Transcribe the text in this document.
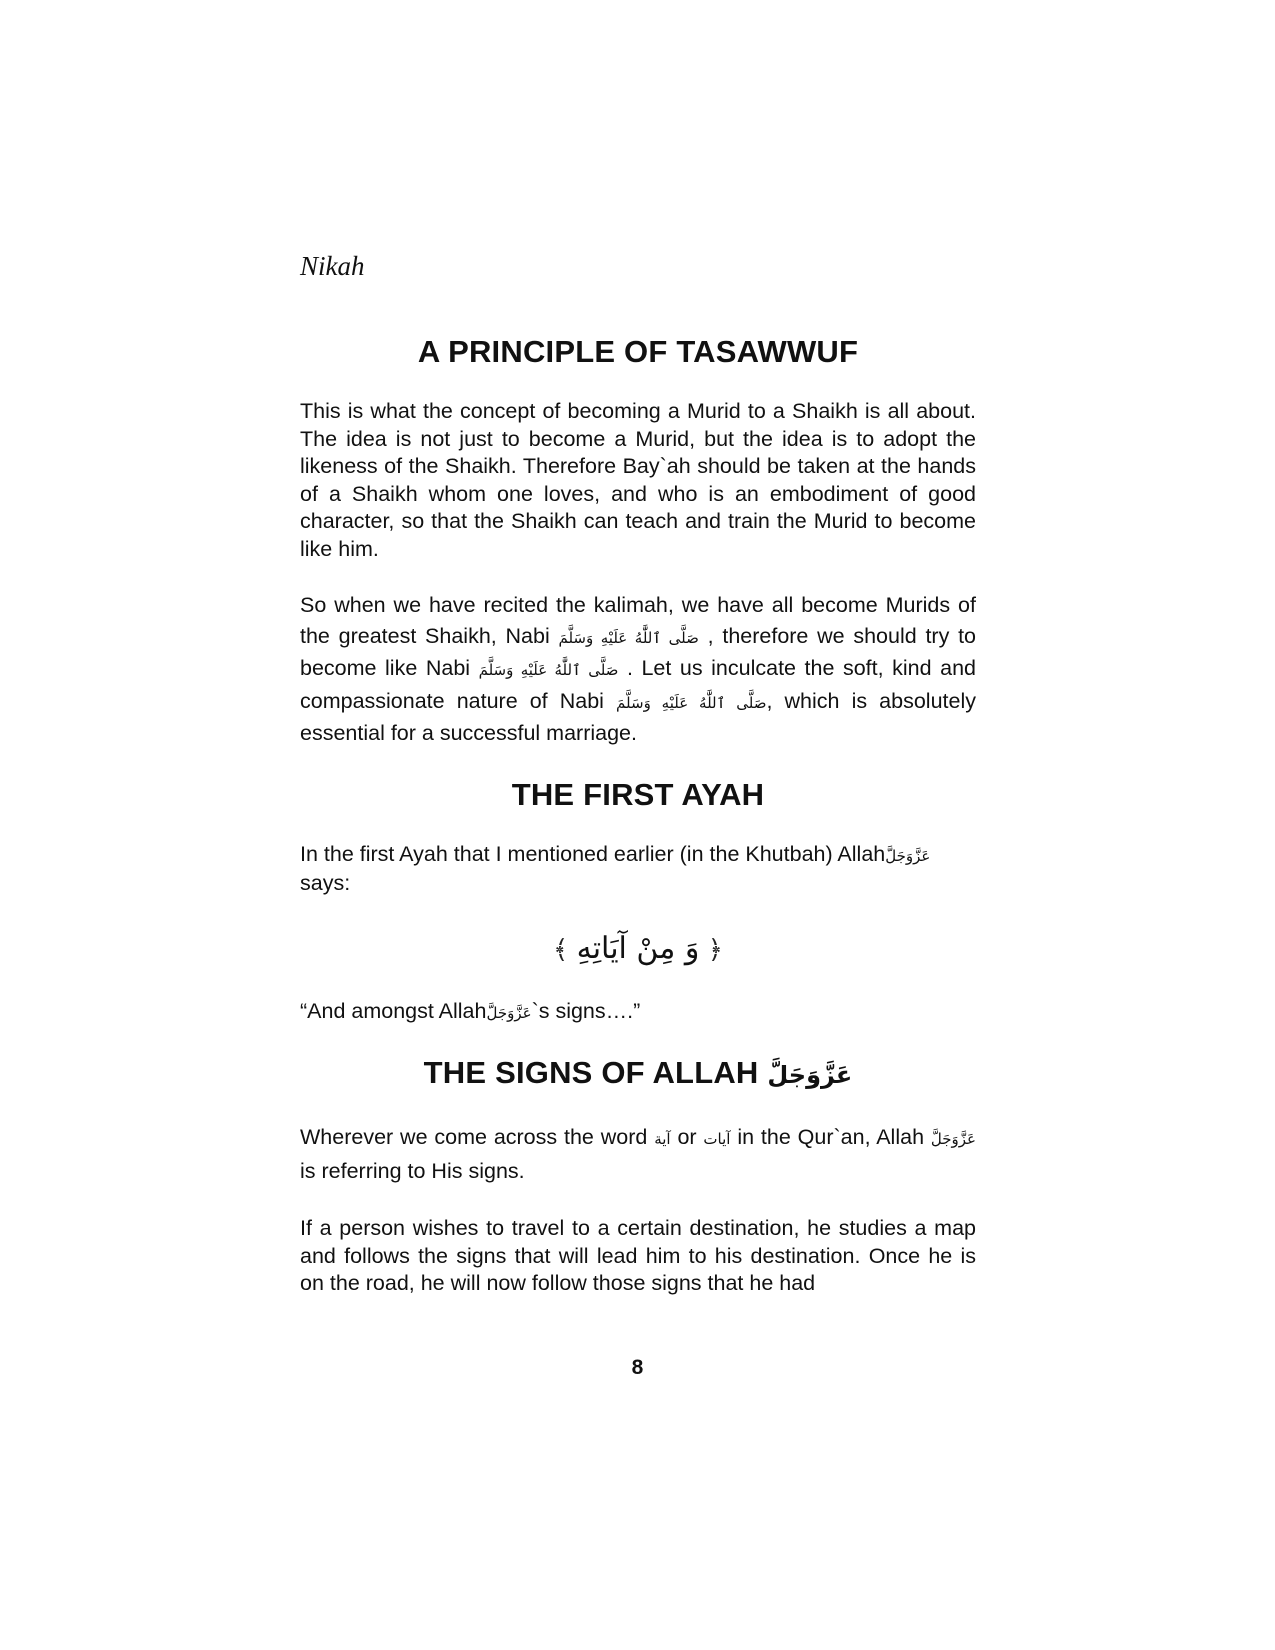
Nikah
A PRINCIPLE OF TASAWWUF

This is what the concept of becoming a Murid to a Shaikh is all about. The idea is not just to become a Murid, but the idea is to adopt the likeness of the Shaikh. Therefore Bay`ah should be taken at the hands of a Shaikh whom one loves, and who is an embodiment of good character, so that the Shaikh can teach and train the Murid to become like him.

So when we have recited the kalimah, we have all become Murids of the greatest Shaikh, Nabi صَلَّى ٱللَّٰهُ عَلَيْهِ وَسَلَّمَ , therefore we should try to become like Nabi صَلَّى ٱللَّٰهُ عَلَيْهِ وَسَلَّمَ . Let us inculcate the soft, kind and compassionate nature of Nabi صَلَّى ٱللَّٰهُ عَلَيْهِ وَسَلَّمَ, which is absolutely essential for a successful marriage.

THE FIRST AYAH

In the first Ayah that I mentioned earlier (in the Khutbah) Allahعَزَّوَجَلَّ
says:

﴾ وَ مِنْ آيَاتِهِ ﴿

“And amongst Allahعَزَّوَجَلَّ`s signs….”

THE SIGNS OF ALLAH عَزَّوَجَلَّ

Wherever we come across the word آية or آيات in the Qur`an, Allah عَزَّوَجَلَّ is referring to His signs.

If a person wishes to travel to a certain destination, he studies a map and follows the signs that will lead him to his destination. Once he is on the road, he will now follow those signs that he had

8
